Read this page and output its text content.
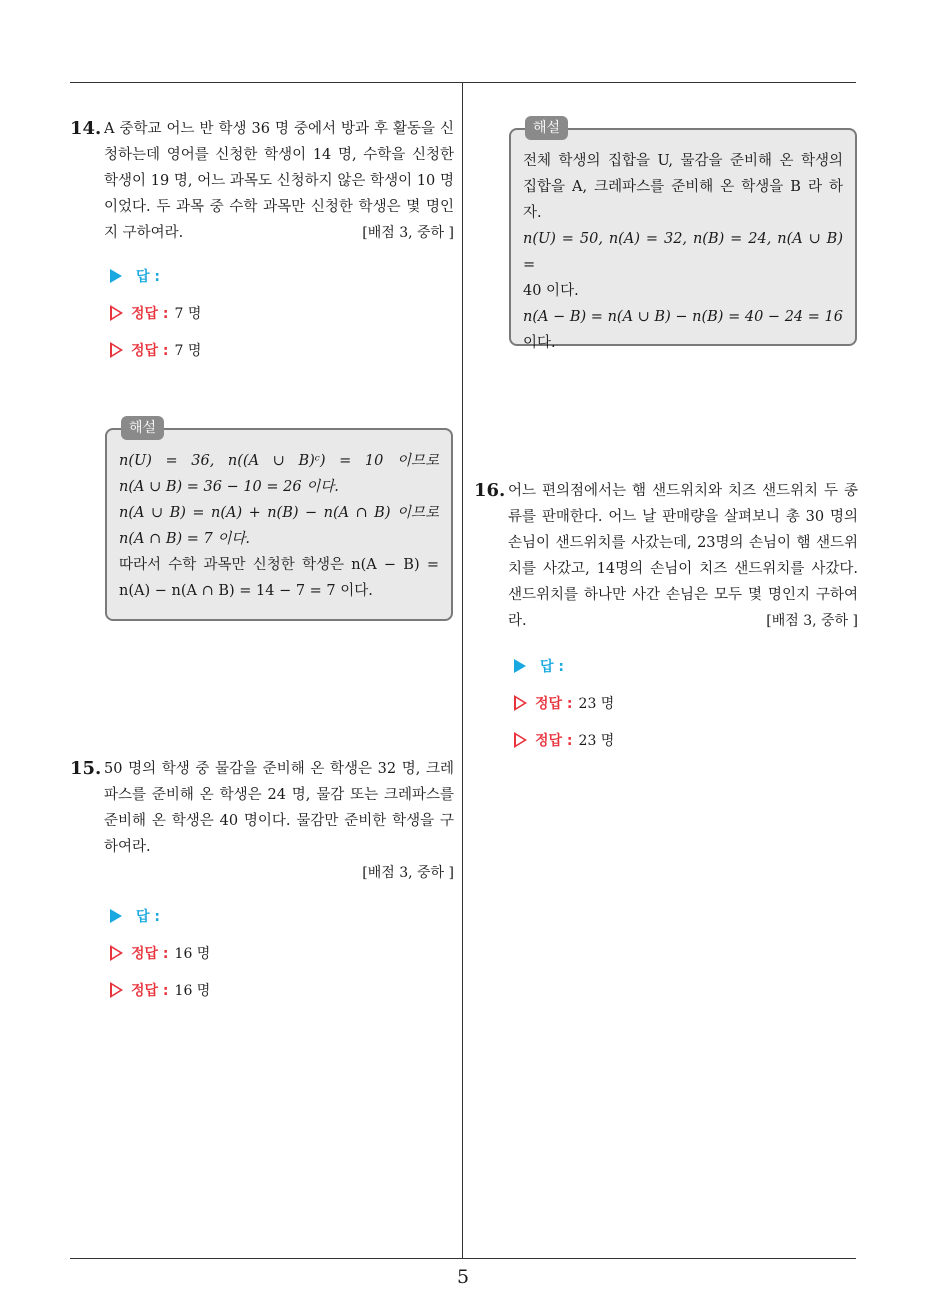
14. A 중학교 어느 반 학생 36 명 중에서 방과 후 활동을 신청하는데 영어를 신청한 학생이 14 명, 수학을 신청한 학생이 19 명, 어느 과목도 신청하지 않은 학생이 10 명이었다. 두 과목 중 수학 과목만 신청한 학생은 몇 명인지 구하여라.	[배점 3, 중하 ]
답 :
정답 : 7 명
정답 : 7 명
해설

n(U) = 36, n((A ∪ B)ᶜ) = 10 이므로

n(A ∪ B) = 36 − 10 = 26 이다.

n(A ∪ B) = n(A) + n(B) − n(A ∩ B) 이므로

n(A ∩ B) = 7 이다.

따라서 수학 과목만 신청한 학생은 n(A − B) =

n(A) − n(A ∩ B) = 14 − 7 = 7 이다.

15. 50 명의 학생 중 물감을 준비해 온 학생은 32 명, 크레파스를 준비해 온 학생은 24 명, 물감 또는 크레파스를 준비해 온 학생은 40 명이다. 물감만 준비한 학생을 구하여라.
[배점 3, 중하 ]
답 :
정답 : 16 명
정답 : 16 명
해설

전체 학생의 집합을 U, 물감을 준비해 온 학생의

집합을 A, 크레파스를 준비해 온 학생을 B 라 하

자.

n(U) = 50, n(A) = 32, n(B) = 24, n(A ∪ B) =

40 이다.

n(A − B) = n(A ∪ B) − n(B) = 40 − 24 = 16

이다.

16. 어느 편의점에서는 햄 샌드위치와 치즈 샌드위치 두 종류를 판매한다. 어느 날 판매량을 살펴보니 총 30 명의 손님이 샌드위치를 사갔는데, 23명의 손님이 햄 샌드위치를 사갔고, 14명의 손님이 치즈 샌드위치를 사갔다. 샌드위치를 하나만 사간 손님은 모두 몇 명인지 구하여라.	[배점 3, 중하 ]
답 :
정답 : 23 명
정답 : 23 명
5
